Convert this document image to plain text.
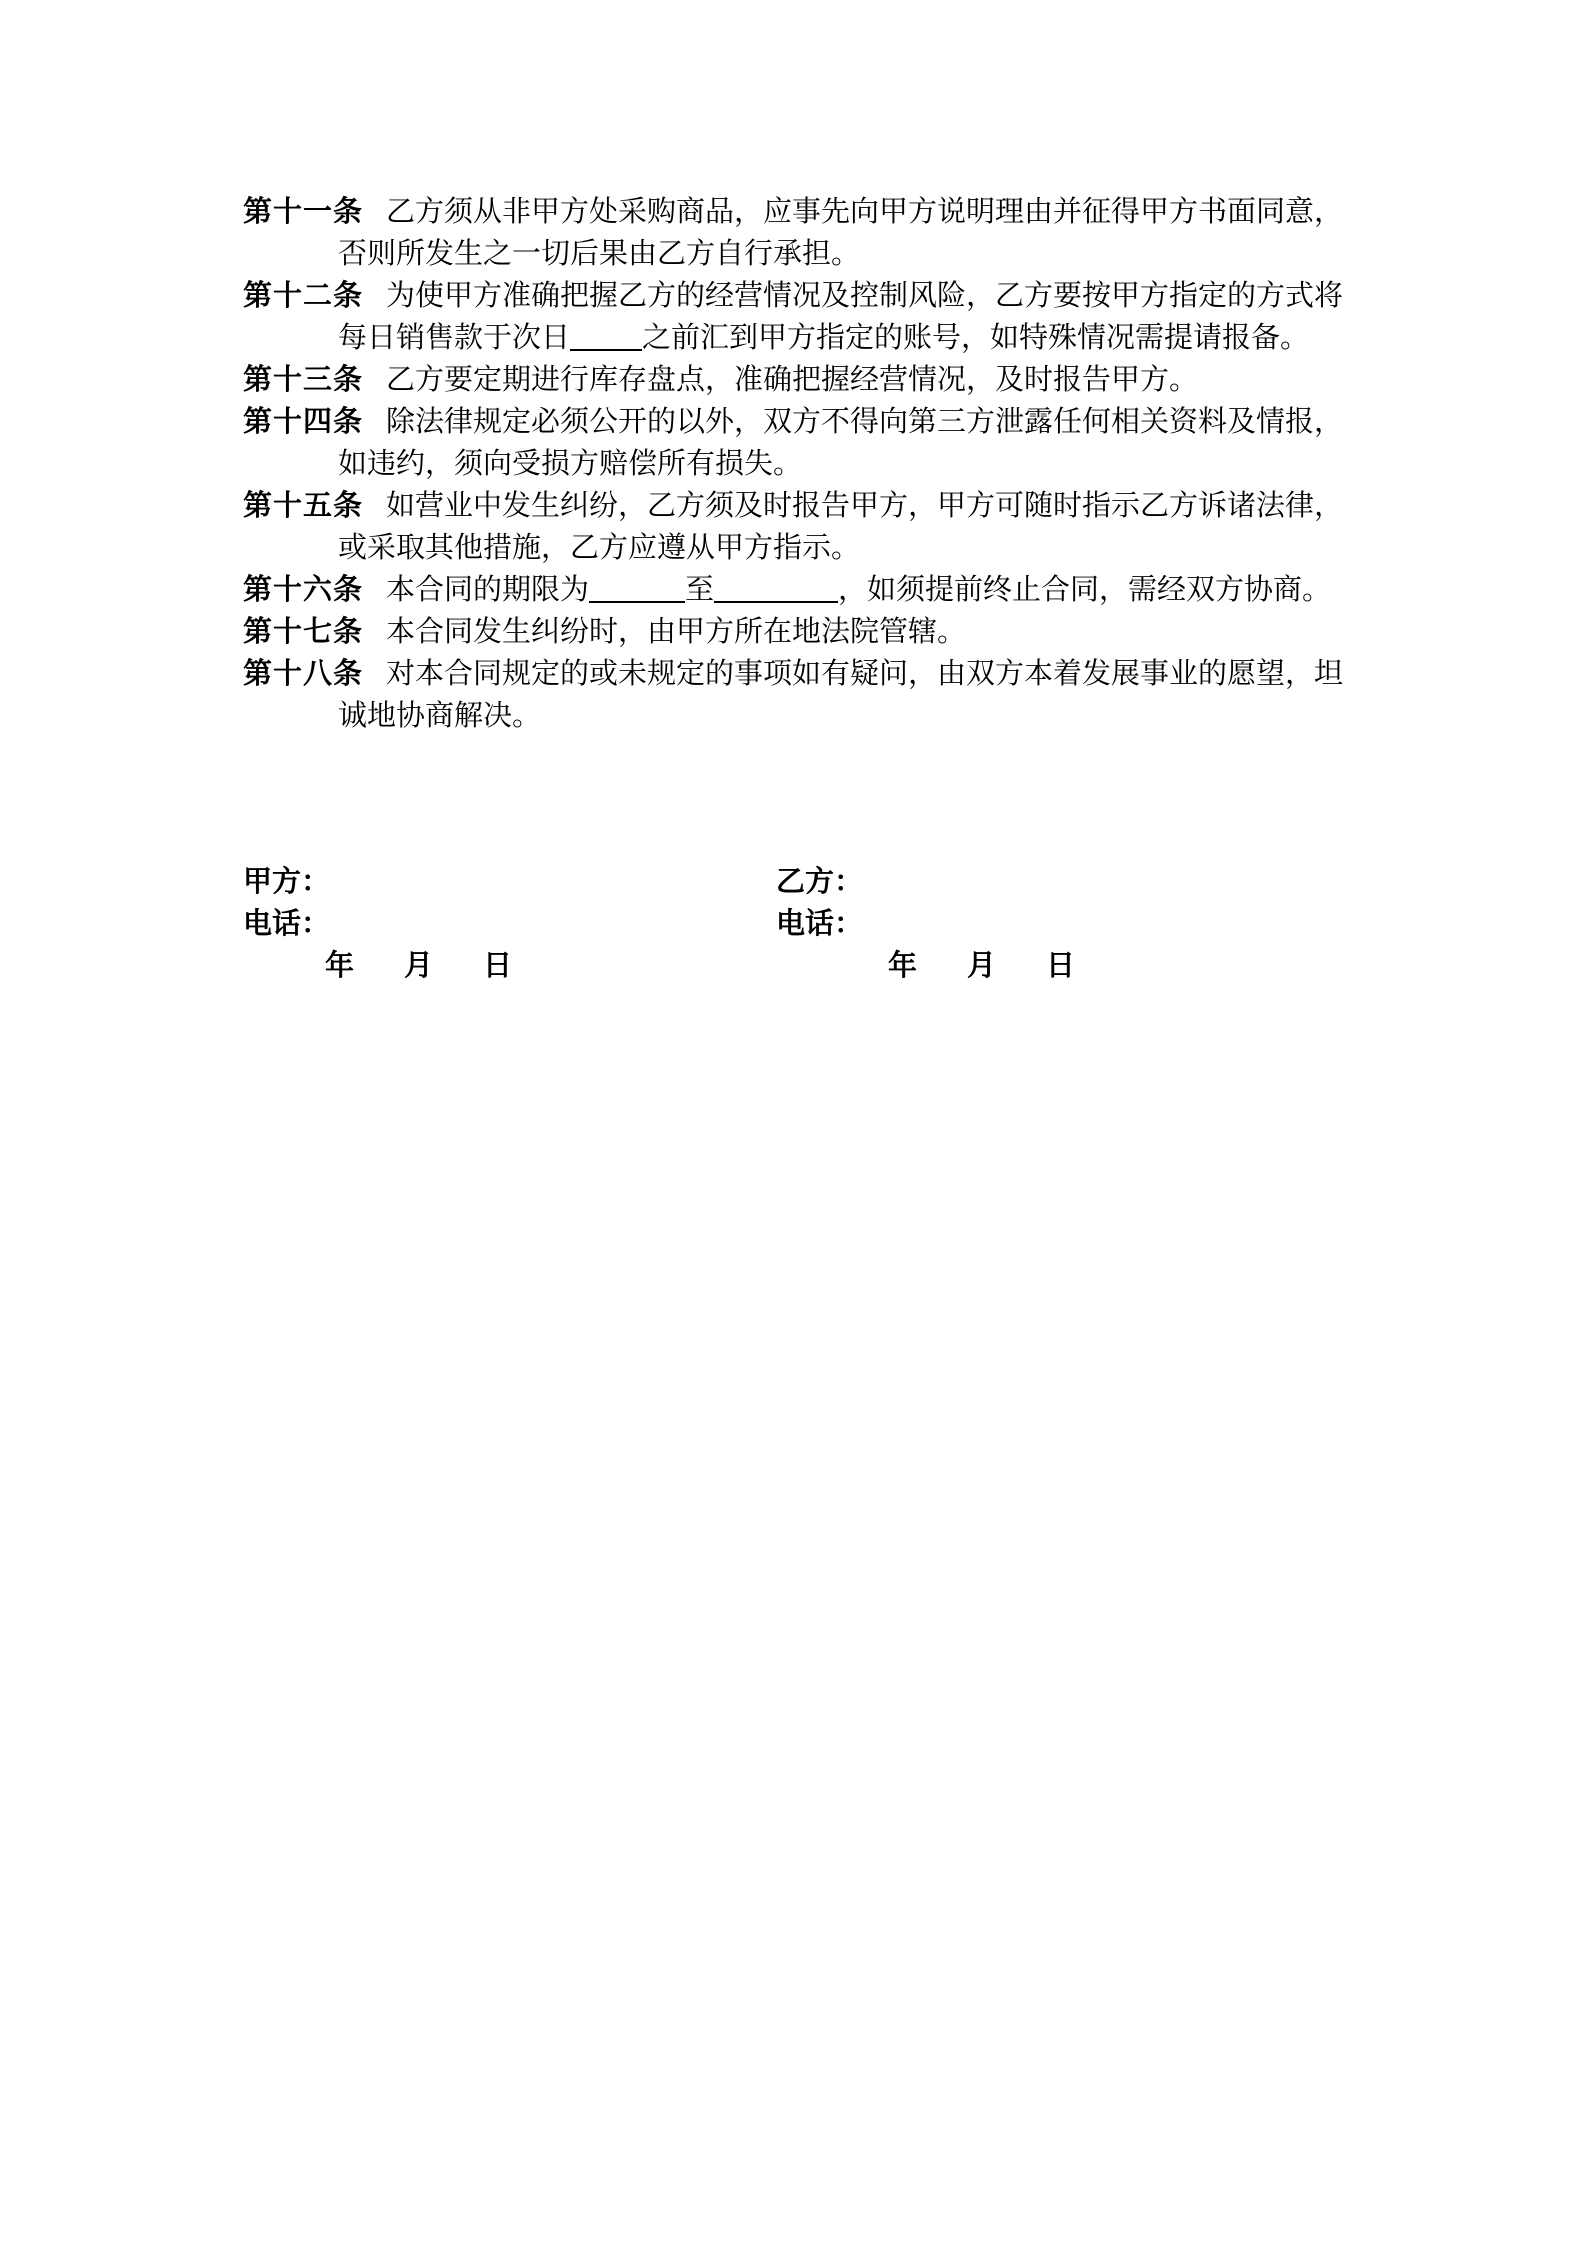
第十一条 乙方须从非甲方处采购商品，应事先向甲方说明理由并征得甲方书面同意，否则所发生之一切后果由乙方自行承担。
第十二条 为使甲方准确把握乙方的经营情况及控制风险，乙方要按甲方指定的方式将每日销售款于次日 之前汇到甲方指定的账号，如特殊情况需提请报备。
第十三条 乙方要定期进行库存盘点，准确把握经营情况，及时报告甲方。
第十四条 除法律规定必须公开的以外，双方不得向第三方泄露任何相关资料及情报，如违约，须向受损方赔偿所有损失。
第十五条 如营业中发生纠纷，乙方须及时报告甲方，甲方可随时指示乙方诉诸法律，或采取其他措施，乙方应遵从甲方指示。
第十六条 本合同的期限为	至	，如须提前终止合同，需经双方协商。
第十七条 本合同发生纠纷时，由甲方所在地法院管辖。
第十八条 对本合同规定的或未规定的事项如有疑问，由双方本着发展事业的愿望，坦诚地协商解决。
甲方：
电话：
年 月 日
乙方：
电话：
年 月 日
